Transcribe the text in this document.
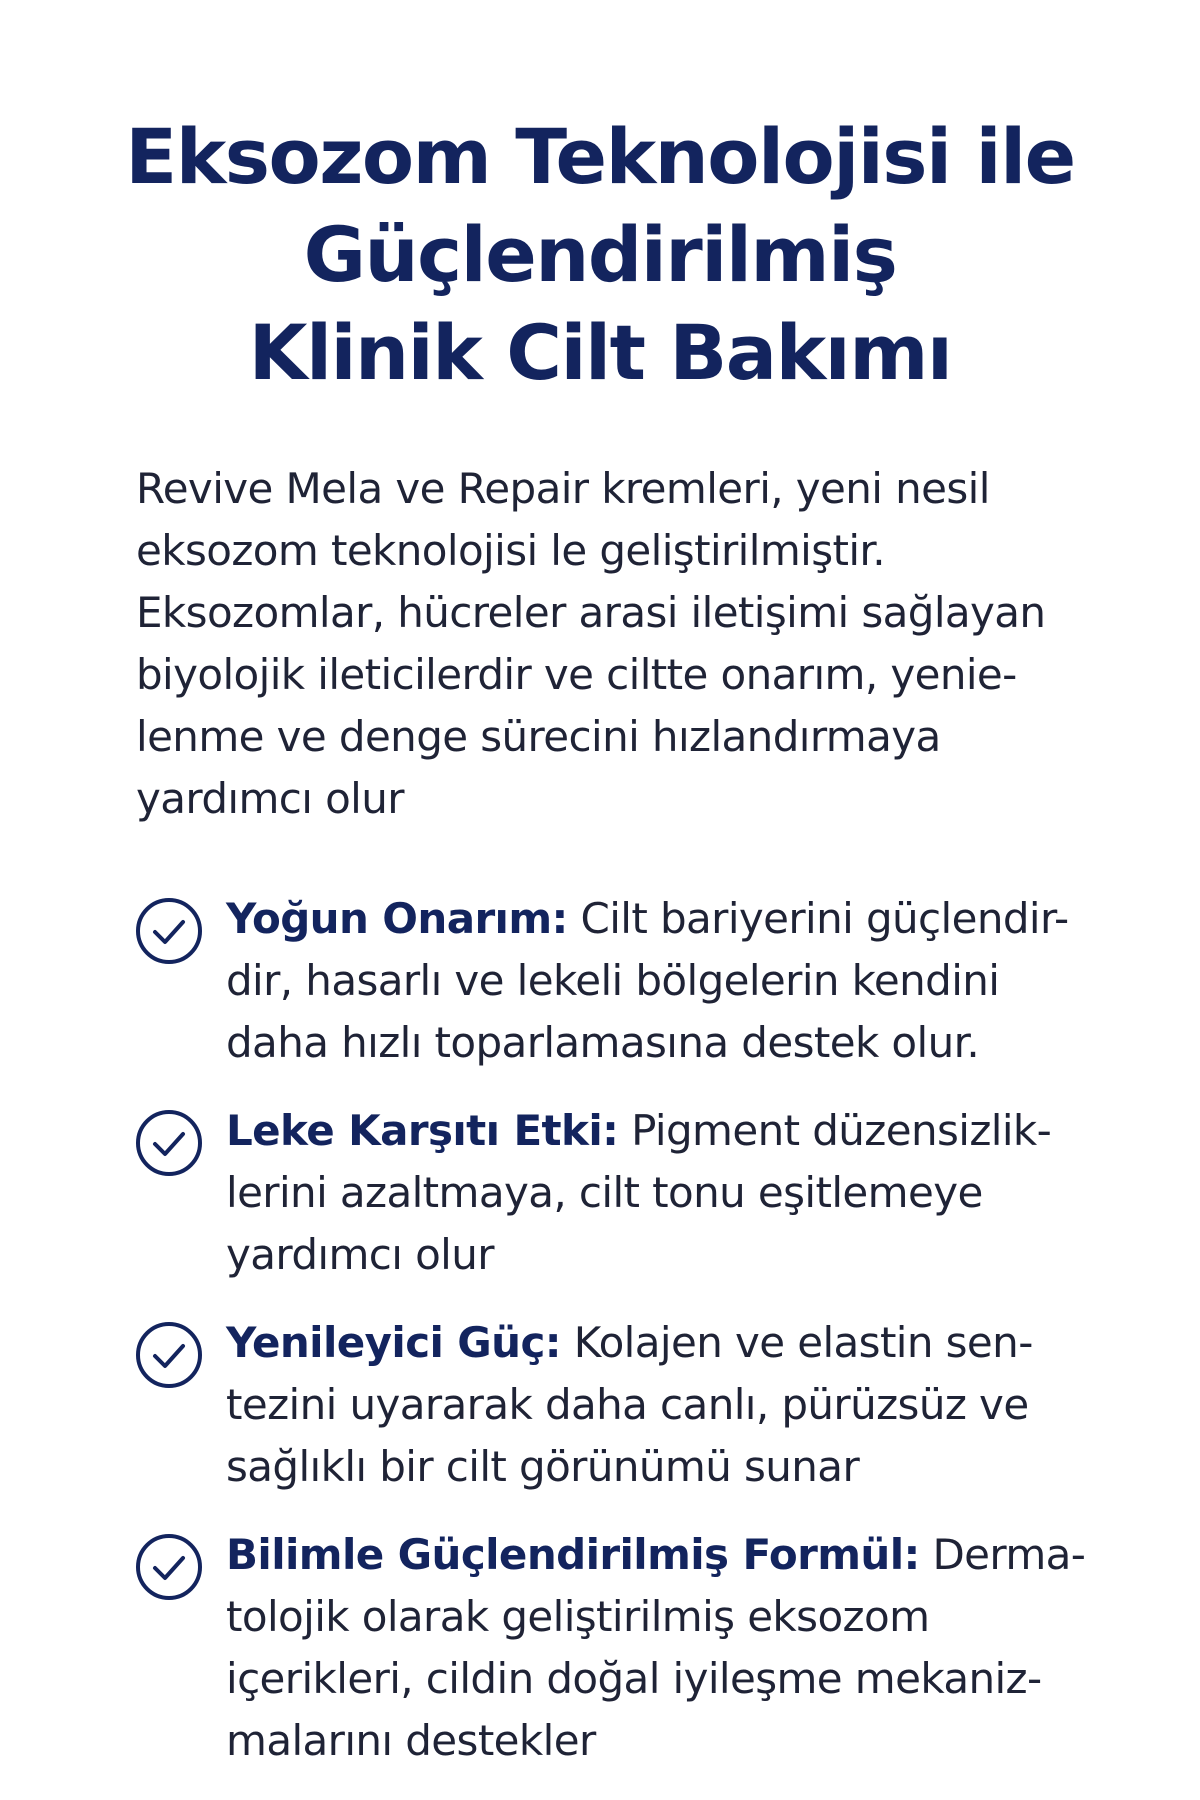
Eksozom Teknolojisi ile
Güçlendirilmiş
Klinik Cilt Bakımı

Revive Mela ve Repair kremleri, yeni nesil
eksozom teknolojisi le geliştirilmiştir.
Eksozomlar, hücreler arasi iletişimi sağlayan
biyolojik ileticilerdir ve ciltte onarım, yenie-
lenme ve denge sürecini hızlandırmaya
yardımcı olur

Yoğun Onarım: Cilt bariyerini güçlendir-
dir, hasarlı ve lekeli bölgelerin kendini
daha hızlı toparlamasına destek olur.
Leke Karşıtı Etki: Pigment düzensizlik-
lerini azaltmaya, cilt tonu eşitlemeye
yardımcı olur
Yenileyici Güç: Kolajen ve elastin sen-
tezini uyararak daha canlı, pürüzsüz ve
sağlıklı bir cilt görünümü sunar
Bilimle Güçlendirilmiş Formül: Derma-
tolojik olarak geliştirilmiş eksozom
içerikleri, cildin doğal iyileşme mekaniz-
malarını destekler
